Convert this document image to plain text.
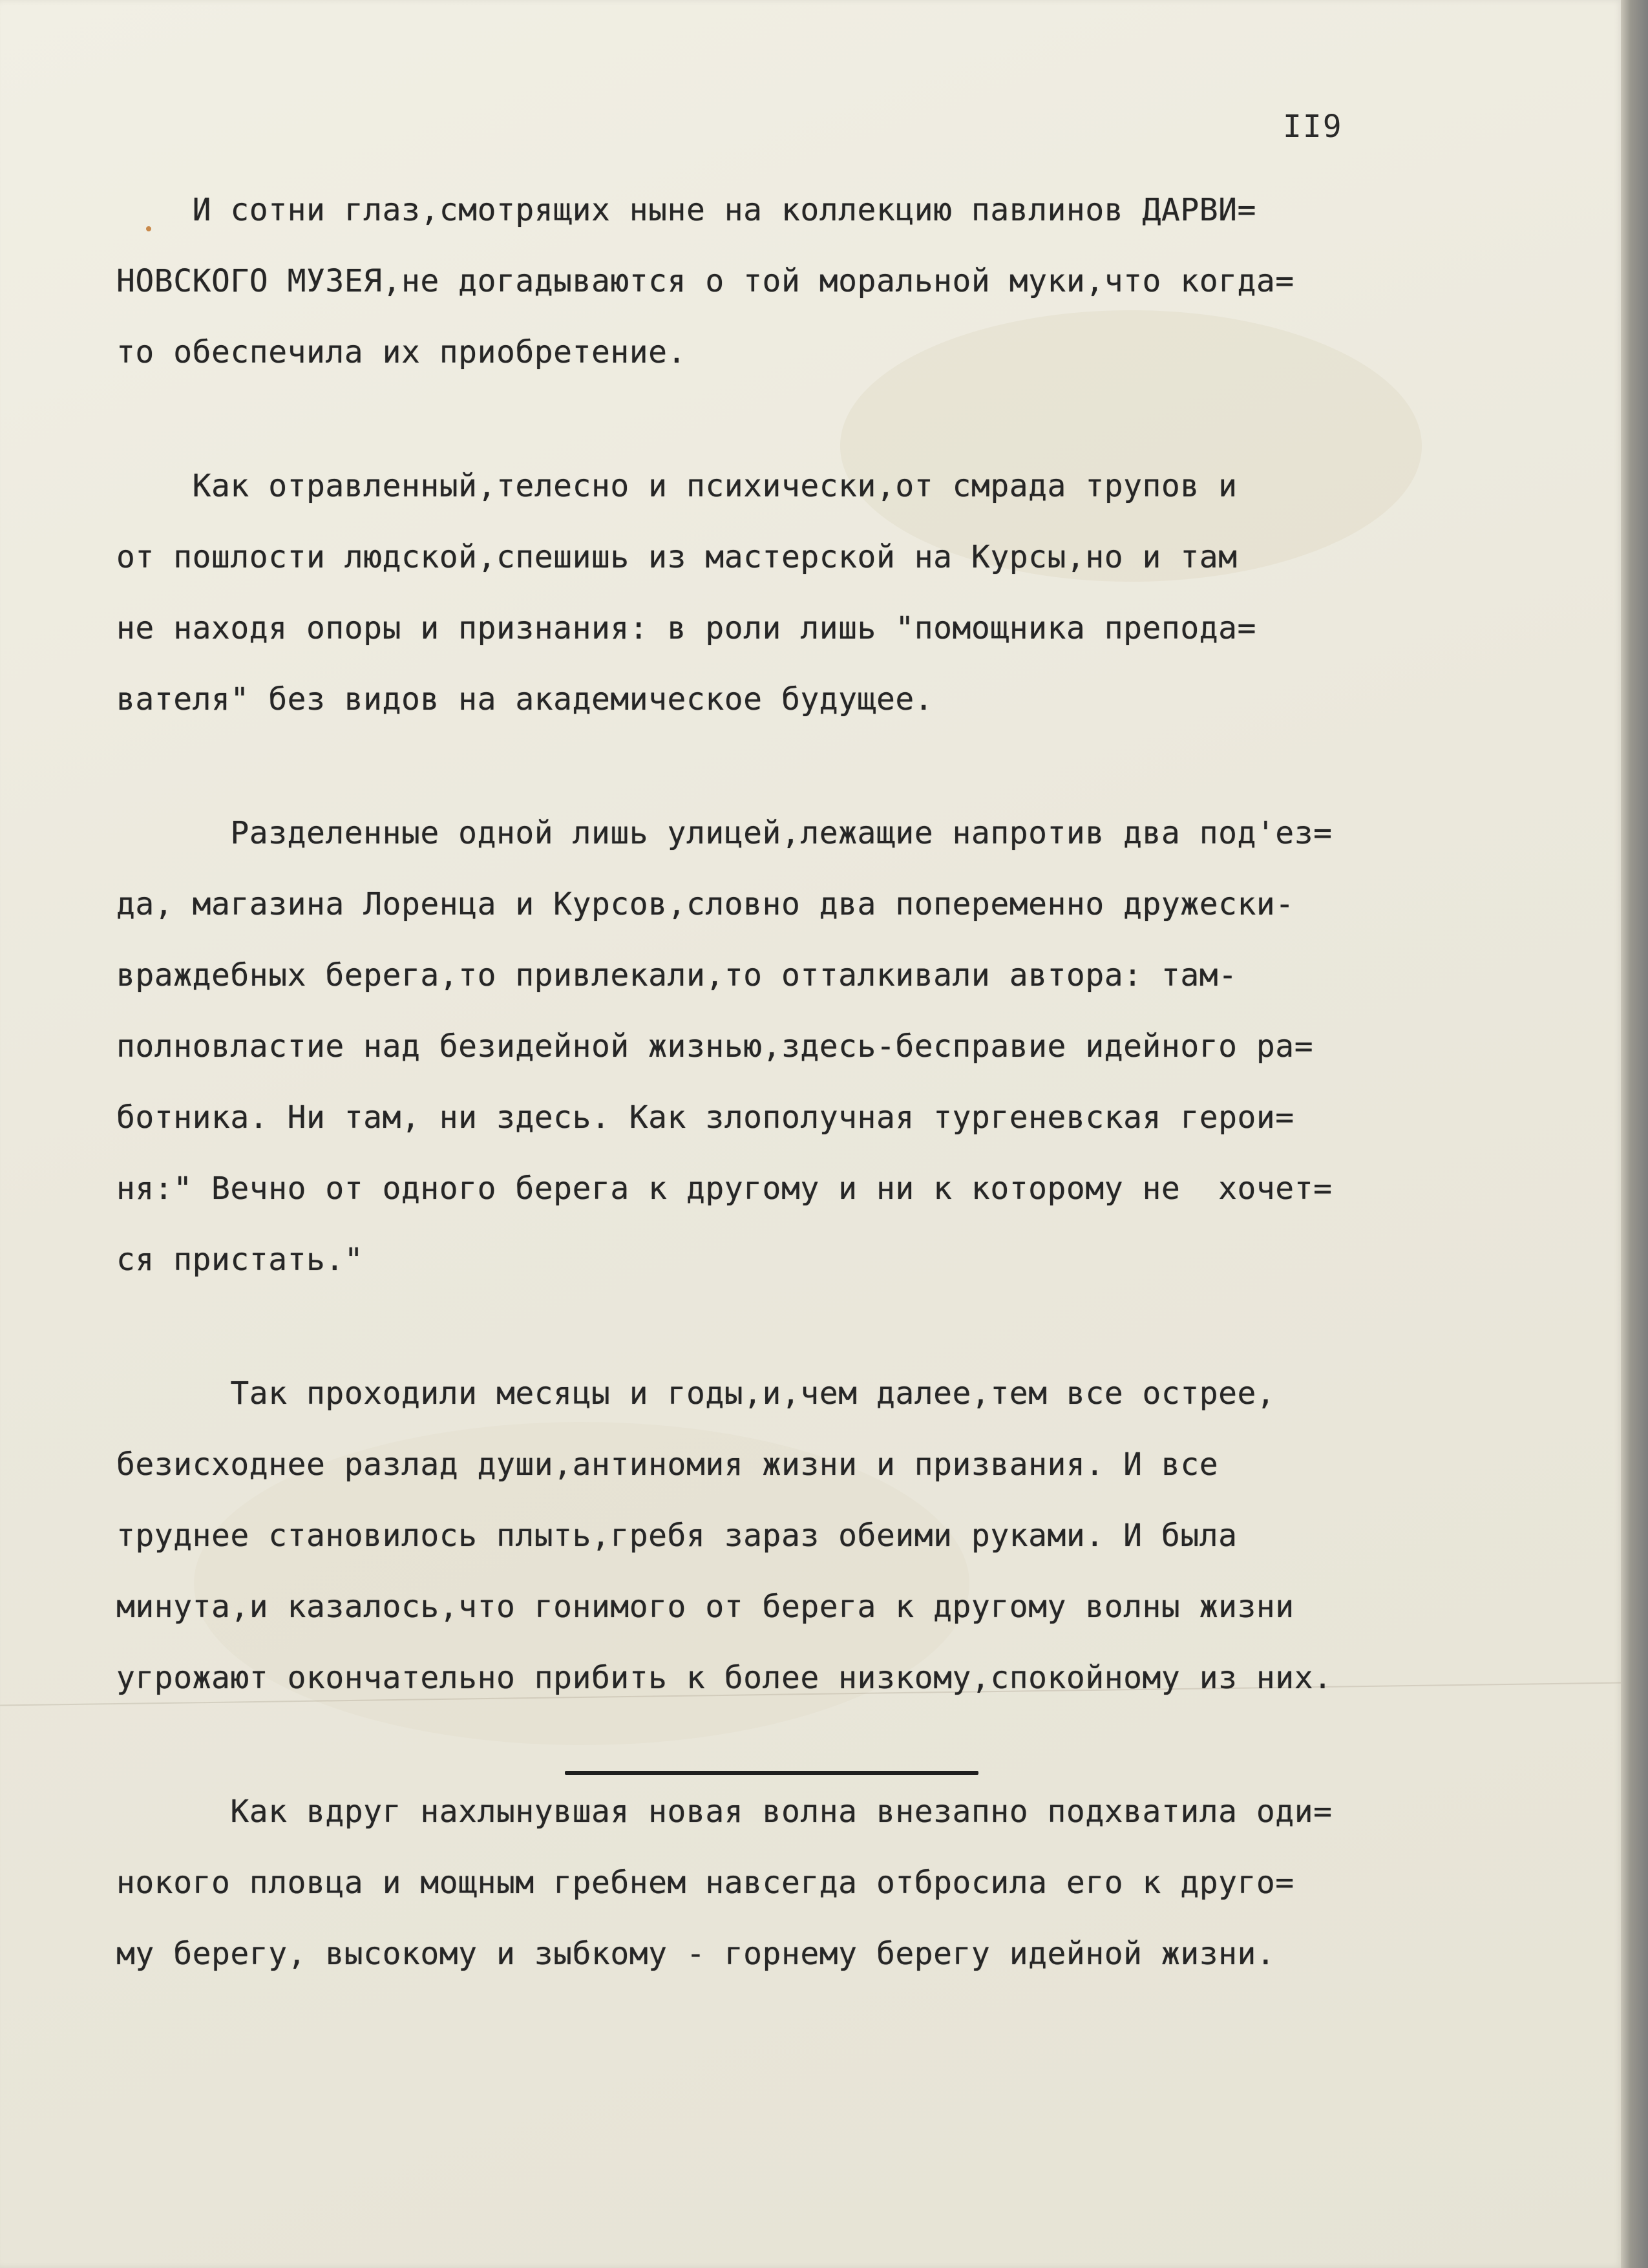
II9
И сотни глаз,смотрящих ныне на коллекцию павлинов ДАРВИ=
НОВСКОГО МУЗЕЯ,не догадываются о той моральной муки,что когда=
то обеспечила их приобретение.
Как отравленный,телесно и психически,от смрада трупов и
от пошлости людской,спешишь из мастерской на Курсы,но и там
не находя опоры и признания: в роли лишь "помощника препода=
вателя" без видов на академическое будущее.
Разделенные одной лишь улицей,лежащие напротив два под'ез=
да, магазина Лоренца и Курсов,словно два попеременно дружески-
враждебных берега,то привлекали,то отталкивали автора: там-
полновластие над безидейной жизнью,здесь-бесправие идейного ра=
ботника. Ни там, ни здесь. Как злополучная тургеневская герои=
ня:" Вечно от одного берега к другому и ни к которому не  хочет=
ся пристать."
Так проходили месяцы и годы,и,чем далее,тем все острее,
безисходнее разлад души,антиномия жизни и призвания. И все
труднее становилось плыть,гребя зараз обеими руками. И была
минута,и казалось,что гонимого от берега к другому волны жизни
угрожают окончательно прибить к более низкому,спокойному из них.
Как вдруг нахлынувшая новая волна внезапно подхватила оди=
нокого пловца и мощным гребнем навсегда отбросила его к друго=
му берегу, высокому и зыбкому - горнему берегу идейной жизни.
